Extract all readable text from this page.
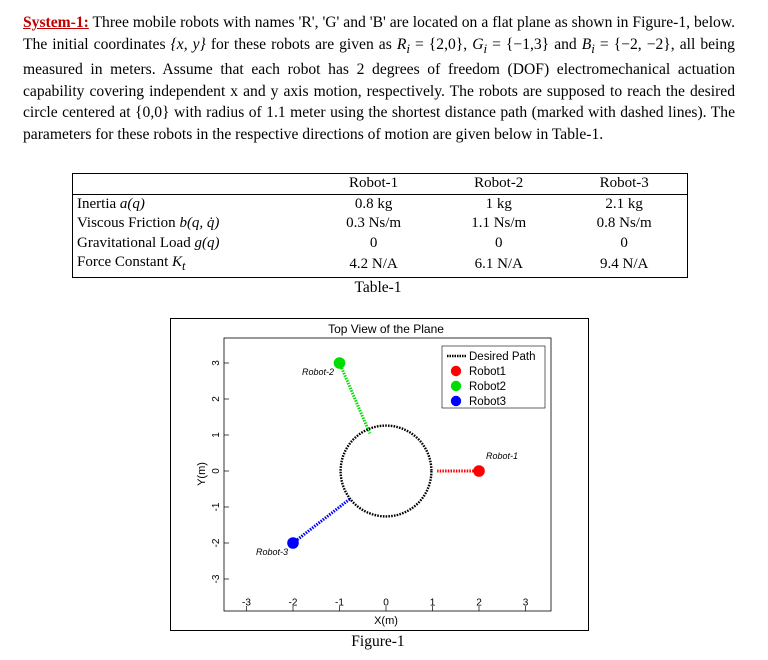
System-1: Three mobile robots with names 'R', 'G' and 'B' are located on a flat plane as shown in Figure-1, below. The initial coordinates {x, y} for these robots are given as $R_i = \{2,0\}$, $G_i = \{-1,3\}$ and $B_i = \{-2$, −2}, all being measured in meters. Assume that each robot has 2 degrees of freedom (DOF) electromechanical actuation capability covering independent x and y axis motion, respectively. The robots are supposed to reach the desired circle centered at {0,0} with radius of 1.1 meter using the shortest distance path (marked with dashed lines). The parameters for these robots in the respective directions of motion are given below in Table-1.
	Robot-1	Robot-2	Robot-3
Inertia a(q)	0.8 kg	1 kg	2.1 kg
Viscous Friction b(q, q̇)	0.3 Ns/m	1.1 Ns/m	0.8 Ns/m
Gravitational Load g(q)	0	0	0
Force Constant $K_t$	4.2 N/A	6.1 N/A	9.4 N/A
Table-1
-3	-2	-1	0	1	2	3
3
2
1
0
-1
-2
-3
Top View of the Plane
X(m)
Y(m)
Robot-1
Robot-2
Robot-3
Desired Path
Robot1
Robot2
Robot3
Figure-1
